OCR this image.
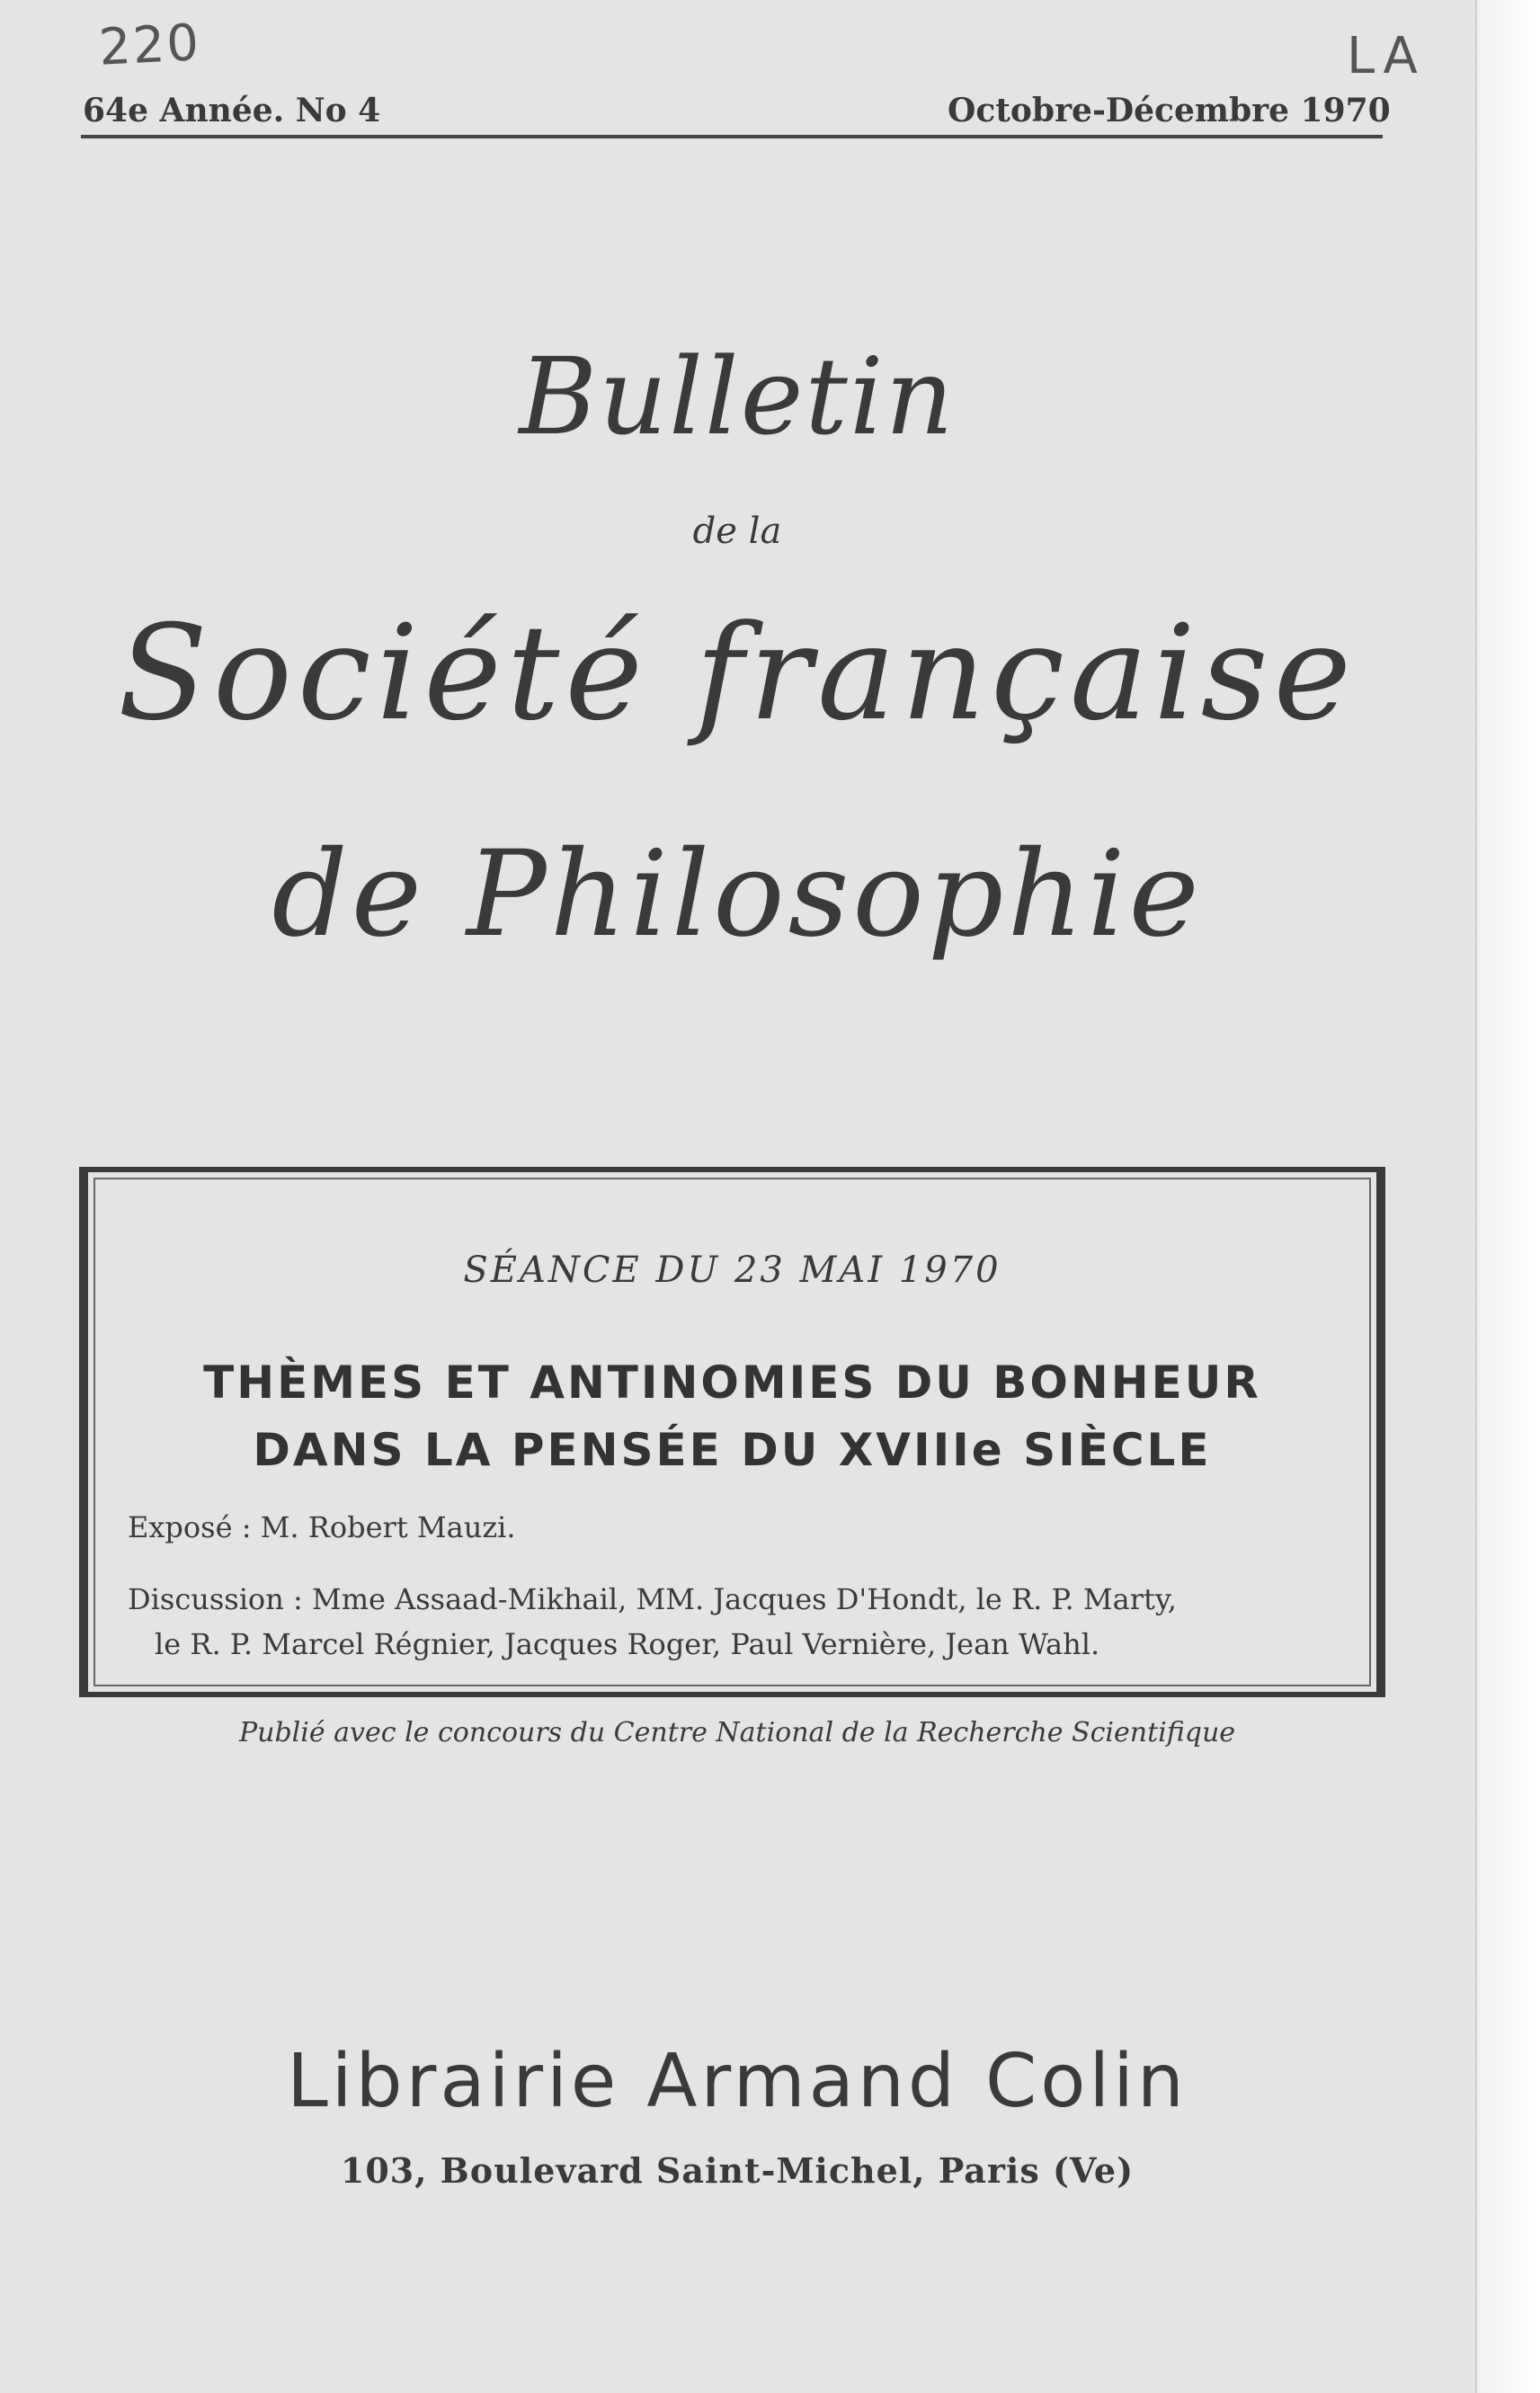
220	LA
64e Année. No 4	Octobre-Décembre 1970
Bulletin
de la
Société française
de Philosophie
SÉANCE DU 23 MAI 1970
THÈMES ET ANTINOMIES DU BONHEUR
DANS LA PENSÉE DU XVIIIe SIÈCLE
Exposé : M. Robert Mauzi.
Discussion : Mme Assaad-Mikhail, MM. Jacques D'Hondt, le R. P. Marty,
le R. P. Marcel Régnier, Jacques Roger, Paul Vernière, Jean Wahl.
Publié avec le concours du Centre National de la Recherche Scientifique
Librairie Armand Colin
103, Boulevard Saint-Michel, Paris (Ve)
